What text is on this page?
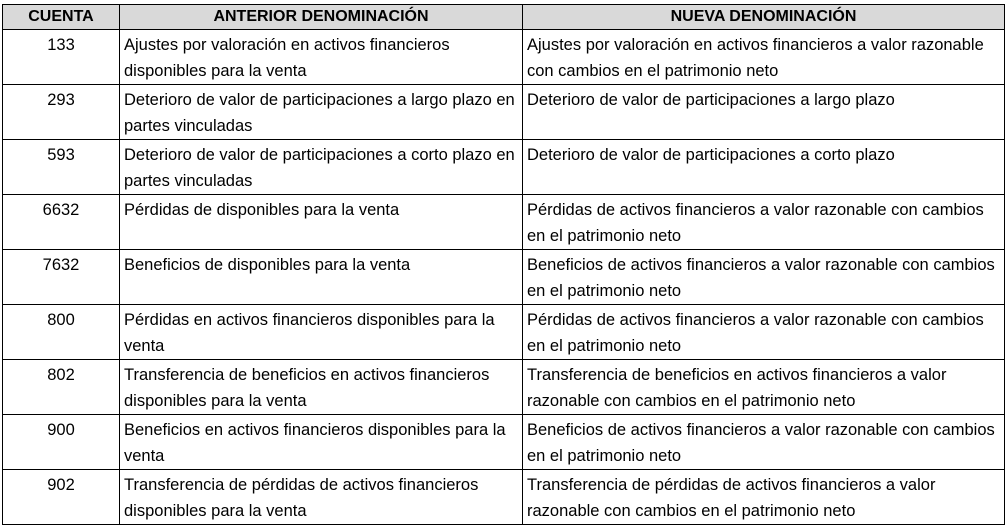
CUENTA	ANTERIOR DENOMINACIÓN	NUEVA DENOMINACIÓN
133	Ajustes por valoración en activos financieros disponibles para la venta	Ajustes por valoración en activos financieros a valor razonable con cambios en el patrimonio neto
293	Deterioro de valor de participaciones a largo plazo en partes vinculadas	Deterioro de valor de participaciones a largo plazo
593	Deterioro de valor de participaciones a corto plazo en partes vinculadas	Deterioro de valor de participaciones a corto plazo
6632	Pérdidas de disponibles para la venta	Pérdidas de activos financieros a valor razonable con cambios en el patrimonio neto
7632	Beneficios de disponibles para la venta	Beneficios de activos financieros a valor razonable con cambios en el patrimonio neto
800	Pérdidas en activos financieros disponibles para la venta	Pérdidas de activos financieros a valor razonable con cambios en el patrimonio neto
802	Transferencia de beneficios en activos financieros disponibles para la venta	Transferencia de beneficios en activos financieros a valor razonable con cambios en el patrimonio neto
900	Beneficios en activos financieros disponibles para la venta	Beneficios de activos financieros a valor razonable con cambios en el patrimonio neto
902	Transferencia de pérdidas de activos financieros disponibles para la venta	Transferencia de pérdidas de activos financieros a valor razonable con cambios en el patrimonio neto
